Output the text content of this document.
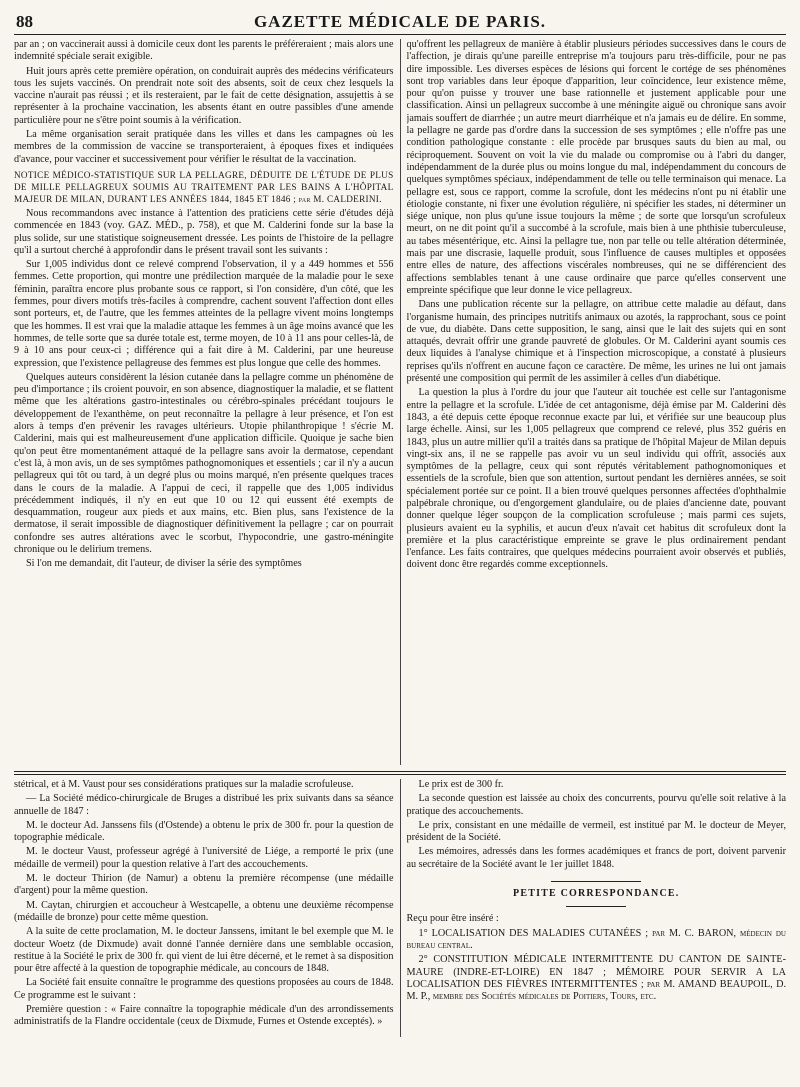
88	GAZETTE MÉDICALE DE PARIS.

par an ; on vaccinerait aussi à domicile ceux dont les parents le préféreraient ; mais alors une indemnité spéciale serait exigible.

Huit jours après cette première opération, on conduirait auprès des médecins vérificateurs tous les sujets vaccinés. On prendrait note soit des absents, soit de ceux chez lesquels la vaccine n'aurait pas réussi ; et ils resteraient, par le fait de cette désignation, assujettis à se représenter à la prochaine vaccination, les absents étant en outre passibles d'une amende particulière pour ne s'être point soumis à la vérification.

La même organisation serait pratiquée dans les villes et dans les campagnes où les membres de la commission de vaccine se transporteraient, à époques fixes et indiquées d'avance, pour vacciner et successivement pour vérifier le résultat de la vaccination.

NOTICE MÉDICO-STATISTIQUE SUR LA PELLAGRE, DÉDUITE DE L'ÉTUDE DE PLUS DE MILLE PELLAGREUX SOUMIS AU TRAITEMENT PAR LES BAINS A L'HÔPITAL MAJEUR DE MILAN, DURANT LES ANNÉES 1844, 1845 ET 1846 ; par M. CALDERINI.

Nous recommandons avec instance à l'attention des praticiens cette série d'études déjà commencée en 1843 (voy. GAZ. MÉD., p. 758), et que M. Calderini fonde sur la base la plus solide, sur une statistique soigneusement dressée. Les points de l'histoire de la pellagre qu'il a surtout cherché à approfondir dans le présent travail sont les suivants :

Sur 1,005 individus dont ce relevé comprend l'observation, il y a 449 hommes et 556 femmes. Cette proportion, qui montre une prédilection marquée de la maladie pour le sexe féminin, paraîtra encore plus probante sous ce rapport, si l'on considère, d'un côté, que les femmes, pour divers motifs très-faciles à comprendre, cachent souvent l'affection dont elles sont porteurs, et, de l'autre, que les femmes atteintes de la pellagre vivent moins longtemps que les hommes. Il est vrai que la maladie attaque les femmes à un âge moins avancé que les hommes, de telle sorte que sa durée totale est, terme moyen, de 10 à 11 ans pour celles-là, de 9 à 10 ans pour ceux-ci ; différence qui a fait dire à M. Calderini, par une heureuse expression, que l'existence pellagreuse des femmes est plus longue que celle des hommes.

Quelques auteurs considèrent la lésion cutanée dans la pellagre comme un phénomène de peu d'importance ; ils croient pouvoir, en son absence, diagnostiquer la maladie, et se flattent même que les altérations gastro-intestinales ou cérébro-spinales précédant toujours le développement de l'exanthème, on peut reconnaître la pellagre à leur présence, et l'on est alors à temps d'en prévenir les ravages ultérieurs. Utopie philanthropique ! s'écrie M. Calderini, mais qui est malheureusement d'une application difficile. Quoique je sache bien qu'on peut être momentanément attaqué de la pellagre sans avoir la dermatose, cependant c'est là, à mon avis, un de ses symptômes pathognomoniques et essentiels ; car il n'y a aucun pellagreux qui tôt ou tard, à un degré plus ou moins marqué, n'en présente quelques traces dans le cours de la maladie. A l'appui de ceci, il rappelle que des 1,005 individus précédemment indiqués, il n'y en eut que 10 ou 12 qui eussent été exempts de desquammation, rougeur aux pieds et aux mains, etc. Bien plus, sans l'existence de la dermatose, il serait impossible de diagnostiquer définitivement la pellagre ; car on pourrait confondre ses autres altérations avec le scorbut, l'hypocondrie, une gastro-méningite chronique ou le delirium tremens.

Si l'on me demandait, dit l'auteur, de diviser la série des symptômes

qu'offrent les pellagreux de manière à établir plusieurs périodes successives dans le cours de l'affection, je dirais qu'une pareille entreprise m'a toujours paru très-difficile, pour ne pas dire impossible. Les diverses espèces de lésions qui forcent le cortége de ses phénomènes sont trop variables dans leur époque d'apparition, leur coïncidence, leur existence même, pour qu'on puisse y trouver une base rationnelle et justement applicable pour une classification. Ainsi un pellagreux succombe à une méningite aiguë ou chronique sans avoir jamais souffert de diarrhée ; un autre meurt diarrhéique et n'a jamais eu de délire. En somme, la pellagre ne garde pas d'ordre dans la succession de ses symptômes ; elle n'offre pas une condition pathologique constante : elle procède par brusques sauts du bien au mal, ou réciproquement. Souvent on voit la vie du malade ou compromise ou à l'abri du danger, indépendamment de la durée plus ou moins longue du mal, indépendamment du concours de quelques symptômes spéciaux, indépendamment de telle ou telle terminaison qui menace. La pellagre est, sous ce rapport, comme la scrofule, dont les médecins n'ont pu ni établir une étiologie constante, ni fixer une évolution régulière, ni spécifier les stades, ni déterminer un siége unique, non plus qu'une issue toujours la même ; de sorte que lorsqu'un scrofuleux meurt, on ne dit point qu'il a succombé à la scrofule, mais bien à une phthisie tuberculeuse, au tabes mésentérique, etc. Ainsi la pellagre tue, non par telle ou telle altération déterminée, mais par une discrasie, laquelle produit, sous l'influence de causes multiples et opposées entre elles de nature, des affections viscérales nombreuses, qui ne se différencient des affections semblables tenant à une cause ordinaire que parce qu'elles conservent une empreinte spécifique que leur donne le vice pellagreux.

Dans une publication récente sur la pellagre, on attribue cette maladie au défaut, dans l'organisme humain, des principes nutritifs animaux ou azotés, la rapprochant, sous ce point de vue, du diabète. Dans cette supposition, le sang, ainsi que le lait des sujets qui en sont attaqués, devrait offrir une grande pauvreté de globules. Or M. Calderini ayant soumis ces deux liquides à l'analyse chimique et à l'inspection microscopique, a constaté à plusieurs reprises qu'ils n'offrent en aucune façon ce caractère. De même, les urines ne lui ont jamais présenté une composition qui permît de les assimiler à celles d'un diabétique.

La question la plus à l'ordre du jour que l'auteur ait touchée est celle sur l'antagonisme entre la pellagre et la scrofule. L'idée de cet antagonisme, déjà émise par M. Calderini dès 1843, a été depuis cette époque reconnue exacte par lui, et vérifiée sur une beaucoup plus large échelle. Ainsi, sur les 1,005 pellagreux que comprend ce relevé, plus 352 guéris en 1843, plus un autre millier qu'il a traités dans sa pratique de l'hôpital Majeur de Milan depuis vingt-six ans, il ne se rappelle pas avoir vu un seul individu qui offrît, associés aux symptômes de la pellagre, ceux qui sont réputés véritablement pathognomoniques et essentiels de la scrofule, bien que son attention, surtout pendant les dernières années, se soit spécialement portée sur ce point. Il a bien trouvé quelques personnes affectées d'ophthalmie palpébrale chronique, ou d'engorgement glandulaire, ou de plaies d'ancienne date, pouvant donner quelque léger soupçon de la complication scrofuleuse ; mais parmi ces sujets, plusieurs avaient eu la syphilis, et aucun d'eux n'avait cet habitus dit scrofuleux dont la première et la plus caractéristique empreinte se grave le plus ordinairement pendant l'enfance. Les faits contraires, que quelques médecins pourraient avoir observés et publiés, doivent donc être regardés comme exceptionnels.

stétrical, et à M. Vaust pour ses considérations pratiques sur la maladie scrofuleuse.

— La Société médico-chirurgicale de Bruges a distribué les prix suivants dans sa séance annuelle de 1847 :

M. le docteur Ad. Janssens fils (d'Ostende) a obtenu le prix de 300 fr. pour la question de topographie médicale.

M. le docteur Vaust, professeur agrégé à l'université de Liége, a remporté le prix (une médaille de vermeil) pour la question relative à l'art des accouchements.

M. le docteur Thirion (de Namur) a obtenu la première récompense (une médaille d'argent) pour la même question.

M. Caytan, chirurgien et accoucheur à Westcapelle, a obtenu une deuxième récompense (médaille de bronze) pour cette même question.

A la suite de cette proclamation, M. le docteur Janssens, imitant le bel exemple que M. le docteur Woetz (de Dixmude) avait donné l'année dernière dans une semblable occasion, restitue à la Société le prix de 300 fr. qui vient de lui être décerné, et le remet à sa disposition pour être affecté à la question de topographie médicale, au concours de 1848.

La Société fait ensuite connaître le programme des questions proposées au cours de 1848. Ce programme est le suivant :

Première question : « Faire connaître la topographie médicale d'un des arrondissements administratifs de la Flandre occidentale (ceux de Dixmude, Furnes et Ostende exceptés). »

Le prix est de 300 fr.

La seconde question est laissée au choix des concurrents, pourvu qu'elle soit relative à la pratique des accouchements.

Le prix, consistant en une médaille de vermeil, est institué par M. le docteur de Meyer, président de la Société.

Les mémoires, adressés dans les formes académiques et francs de port, doivent parvenir au secrétaire de la Société avant le 1er juillet 1848.

PETITE CORRESPONDANCE.

Reçu pour être inséré :

1° LOCALISATION DES MALADIES CUTANÉES ; par M. C. BARON, médecin du bureau central.

2° CONSTITUTION MÉDICALE INTERMITTENTE DU CANTON DE SAINTE-MAURE (INDRE-ET-LOIRE) EN 1847 ; MÉMOIRE POUR SERVIR A LA LOCALISATION DES FIÈVRES INTERMITTENTES ; par M. AMAND BEAUPOIL, D. M. P., membre des Sociétés médicales de Poitiers, Tours, etc.
